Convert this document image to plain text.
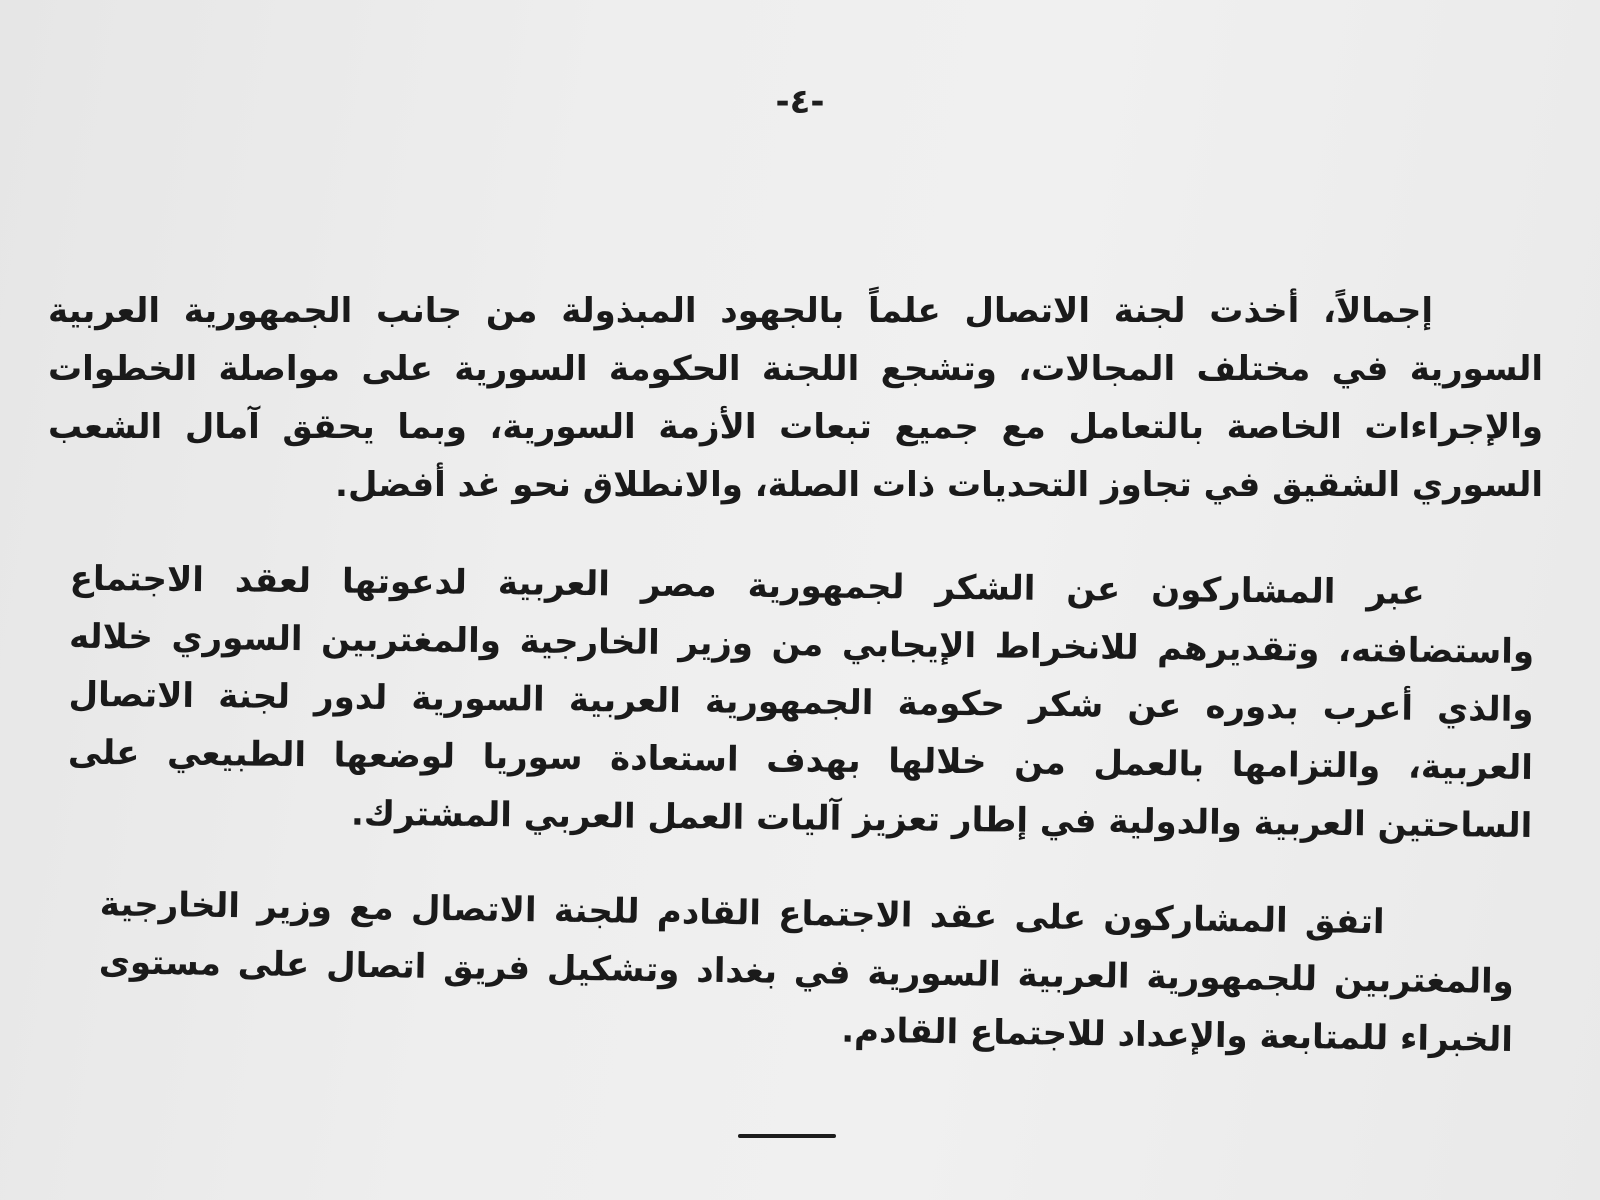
-٤-

إجمالاً، أخذت لجنة الاتصال علماً بالجهود المبذولة من جانب الجمهورية العربية السورية في مختلف المجالات، وتشجع اللجنة الحكومة السورية على مواصلة الخطوات والإجراءات الخاصة بالتعامل مع جميع تبعات الأزمة السورية، وبما يحقق آمال الشعب السوري الشقيق في تجاوز التحديات ذات الصلة، والانطلاق نحو غد أفضل.

عبر المشاركون عن الشكر لجمهورية مصر العربية لدعوتها لعقد الاجتماع واستضافته، وتقديرهم للانخراط الإيجابي من وزير الخارجية والمغتربين السوري خلاله والذي أعرب بدوره عن شكر حكومة الجمهورية العربية السورية لدور لجنة الاتصال العربية، والتزامها بالعمل من خلالها بهدف استعادة سوريا لوضعها الطبيعي على الساحتين العربية والدولية في إطار تعزيز آليات العمل العربي المشترك.

اتفق المشاركون على عقد الاجتماع القادم للجنة الاتصال مع وزير الخارجية والمغتربين للجمهورية العربية السورية في بغداد وتشكيل فريق اتصال على مستوى الخبراء للمتابعة والإعداد للاجتماع القادم.
